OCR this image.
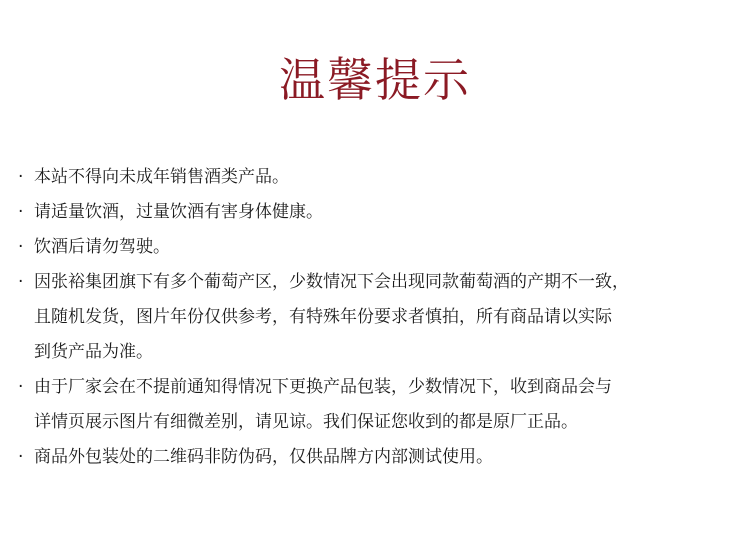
温馨提示
· 本站不得向未成年销售酒类产品。
· 请适量饮酒，过量饮酒有害身体健康。
· 饮酒后请勿驾驶。
· 因张裕集团旗下有多个葡萄产区，少数情况下会出现同款葡萄酒的产期不一致，
且随机发货，图片年份仅供参考，有特殊年份要求者慎拍，所有商品请以实际
到货产品为准。
· 由于厂家会在不提前通知得情况下更换产品包装，少数情况下，收到商品会与
详情页展示图片有细微差别，请见谅。我们保证您收到的都是原厂正品。
· 商品外包装处的二维码非防伪码，仅供品牌方内部测试使用。
